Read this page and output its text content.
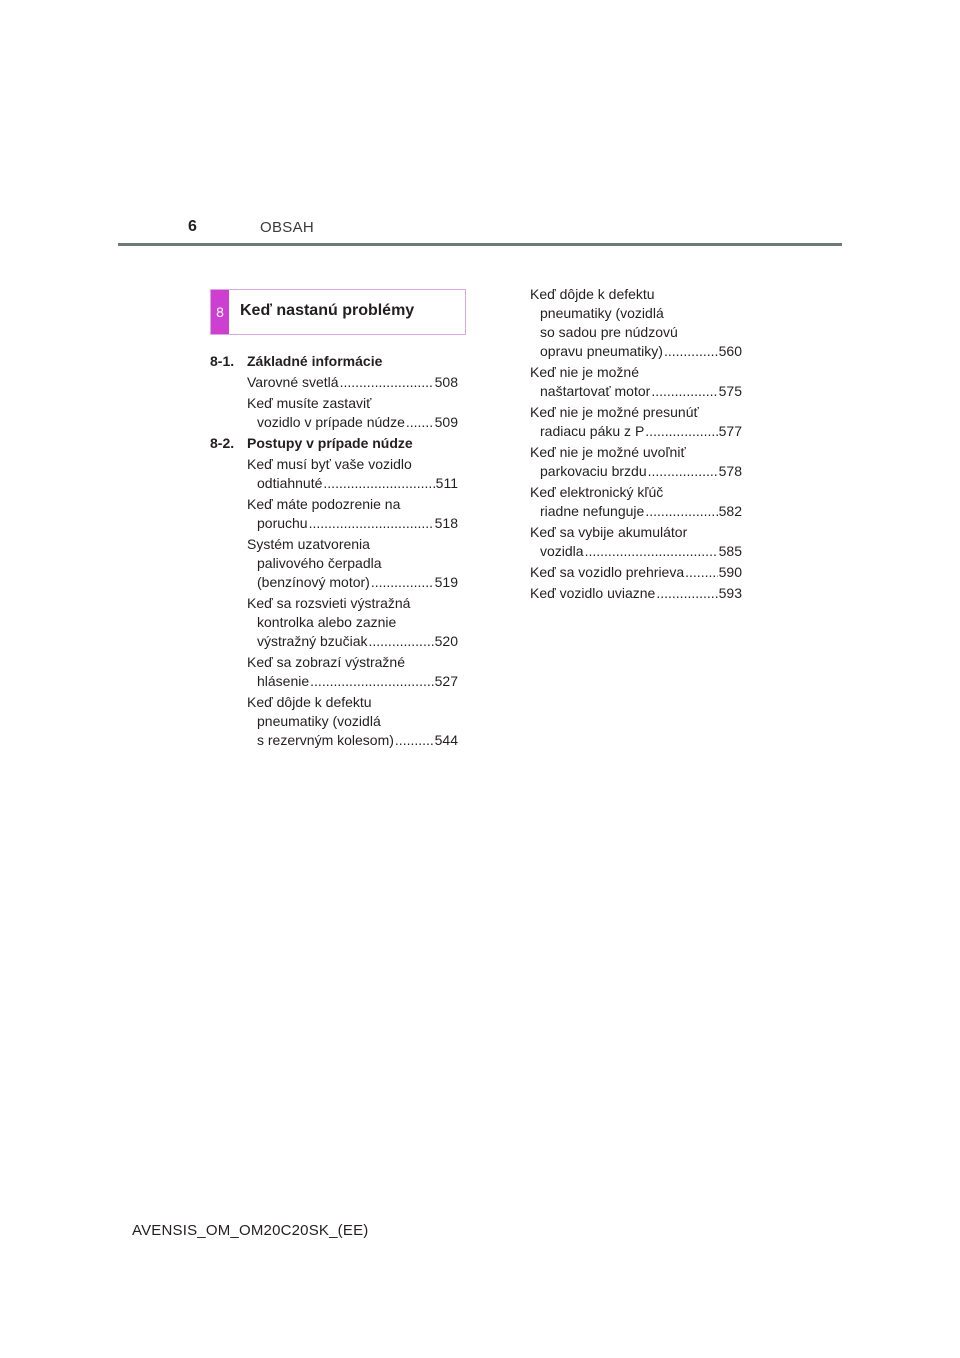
6	OBSAH
8	Keď nastanú problémy
8-1. Základné informácie
Varovné svetlá .....	508
Keď musíte zastaviť
vozidlo v prípade núdze ..... 509
8-2. Postupy v prípade núdze
Keď musí byť vaše vozidlo
odtiahnuté .....	511
Keď máte podozrenie na
poruchu .....	518
Systém uzatvorenia
palivového čerpadla
(benzínový motor) .....	519
Keď sa rozsvieti výstražná
kontrolka alebo zaznie
výstražný bzučiak .....	520
Keď sa zobrazí výstražné
hlásenie .....	527
Keď dôjde k defektu
pneumatiky (vozidlá
s rezervným kolesom) .....	544
Keď dôjde k defektu
pneumatiky (vozidlá
so sadou pre núdzovú
opravu pneumatiky) .....	560
Keď nie je možné
naštartovať motor .....	575
Keď nie je možné presunúť
radiacu páku z P .....	577
Keď nie je možné uvoľniť
parkovaciu brzdu .....	578
Keď elektronický kľúč
riadne nefunguje .....	582
Keď sa vybije akumulátor
vozidla .....	585
Keď sa vozidlo prehrieva ..... 590
Keď vozidlo uviazne .....	593
AVENSIS_OM_OM20C20SK_(EE)
